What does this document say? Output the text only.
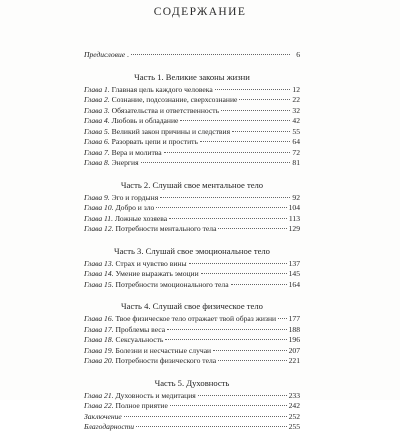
СОДЕРЖАНИЕ
Предисловие .	6
Часть 1. Великие законы жизни
Глава 1. Главная цель каждого человека	12
Глава 2. Сознание, подсознание, сверхсознание	22
Глава 3. Обязательства и ответственность	32
Глава 4. Любовь и обладание	42
Глава 5. Великий закон причины и следствия	55
Глава 6. Разорвать цепи и простить	64
Глава 7. Вера и молитва	72
Глава 8. Энергия	81
Часть 2. Слушай свое ментальное тело
Глава 9. Эго и гордыня	92
Глава 10. Добро и зло	104
Глава 11. Ложные хозяева	113
Глава 12. Потребности ментального тела	129
Часть 3. Слушай свое эмоциональное тело
Глава 13. Страх и чувство вины	137
Глава 14. Умение выражать эмоции	145
Глава 15. Потребности эмоционального тела	164
Часть 4. Слушай свое физическое тело
Глава 16. Твое физическое тело отражает твой образ жизни 177
Глава 17. Проблемы веса	188
Глава 18. Сексуальность	196
Глава 19. Болезни и несчастные случаи	207
Глава 20. Потребности физического тела	221
Часть 5. Духовность
Глава 21. Духовность и медитация	233
Глава 22. Полное приятие	242
Заключение	252
Благодарности	255
